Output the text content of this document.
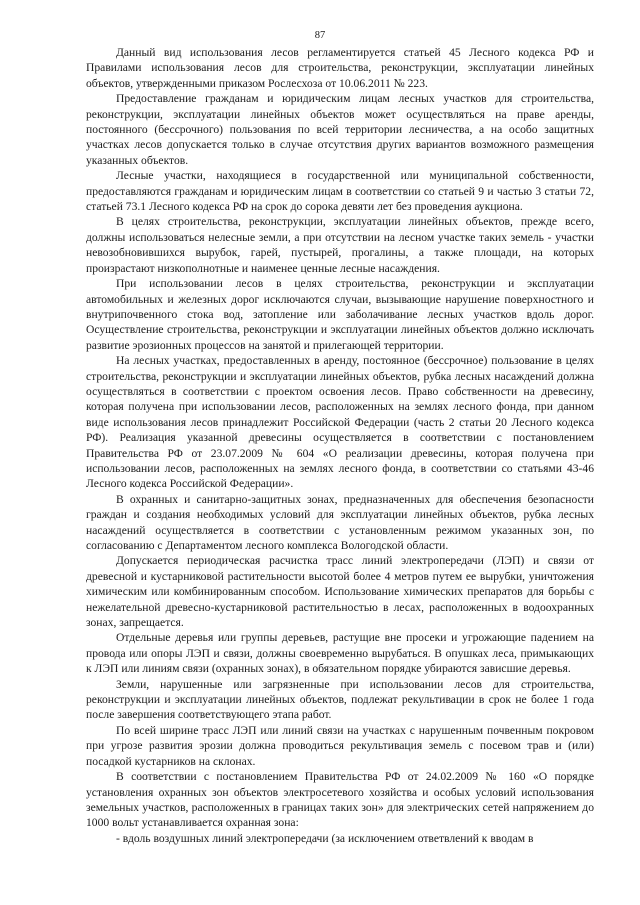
87

Данный вид использования лесов регламентируется статьей 45 Лесного кодекса РФ и Правилами использования лесов для строительства, реконструкции, эксплуатации линейных объектов, утвержденными приказом Рослесхоза от 10.06.2011 № 223.

Предоставление гражданам и юридическим лицам лесных участков для строительства, реконструкции, эксплуатации линейных объектов может осуществляться на праве аренды, постоянного (бессрочного) пользования по всей территории лесничества, а на особо защитных участках лесов допускается только в случае отсутствия других вариантов возможного размещения указанных объектов.

Лесные участки, находящиеся в государственной или муниципальной собственности, предоставляются гражданам и юридическим лицам в соответствии со статьей 9 и частью 3 статьи 72, статьей 73.1 Лесного кодекса РФ на срок до сорока девяти лет без проведения аукциона.

В целях строительства, реконструкции, эксплуатации линейных объектов, прежде всего, должны использоваться нелесные земли, а при отсутствии на лесном участке таких земель - участки невозобновившихся вырубок, гарей, пустырей, прогалины, а также площади, на которых произрастают низкополнотные и наименее ценные лесные насаждения.

При использовании лесов в целях строительства, реконструкции и эксплуатации автомобильных и железных дорог исключаются случаи, вызывающие нарушение поверхностного и внутрипочвенного стока вод, затопление или заболачивание лесных участков вдоль дорог. Осуществление строительства, реконструкции и эксплуатации линейных объектов должно исключать развитие эрозионных процессов на занятой и прилегающей территории.

На лесных участках, предоставленных в аренду, постоянное (бессрочное) пользование в целях строительства, реконструкции и эксплуатации линейных объектов, рубка лесных насаждений должна осуществляться в соответствии с проектом освоения лесов. Право собственности на древесину, которая получена при использовании лесов, расположенных на землях лесного фонда, при данном виде использования лесов принадлежит Российской Федерации (часть 2 статьи 20 Лесного кодекса РФ). Реализация указанной древесины осуществляется в соответствии с постановлением Правительства РФ от 23.07.2009 № 604 «О реализации древесины, которая получена при использовании лесов, расположенных на землях лесного фонда, в соответствии со статьями 43-46 Лесного кодекса Российской Федерации».

В охранных и санитарно-защитных зонах, предназначенных для обеспечения безопасности граждан и создания необходимых условий для эксплуатации линейных объектов, рубка лесных насаждений осуществляется в соответствии с установленным режимом указанных зон, по согласованию с Департаментом лесного комплекса Вологодской области.

Допускается периодическая расчистка трасс линий электропередачи (ЛЭП) и связи от древесной и кустарниковой растительности высотой более 4 метров путем ее вырубки, уничтожения химическим или комбинированным способом. Использование химических препаратов для борьбы с нежелательной древесно-кустарниковой растительностью в лесах, расположенных в водоохранных зонах, запрещается.

Отдельные деревья или группы деревьев, растущие вне просеки и угрожающие падением на провода или опоры ЛЭП и связи, должны своевременно вырубаться. В опушках леса, примыкающих к ЛЭП или линиям связи (охранных зонах), в обязательном порядке убираются зависшие деревья.

Земли, нарушенные или загрязненные при использовании лесов для строительства, реконструкции и эксплуатации линейных объектов, подлежат рекультивации в срок не более 1 года после завершения соответствующего этапа работ.

По всей ширине трасс ЛЭП или линий связи на участках с нарушенным почвенным покровом при угрозе развития эрозии должна проводиться рекультивация земель с посевом трав и (или) посадкой кустарников на склонах.

В соответствии с постановлением Правительства РФ от 24.02.2009 № 160 «О порядке установления охранных зон объектов электросетевого хозяйства и особых условий использования земельных участков, расположенных в границах таких зон» для электрических сетей напряжением до 1000 вольт устанавливается охранная зона:

- вдоль воздушных линий электропередачи (за исключением ответвлений к вводам в
